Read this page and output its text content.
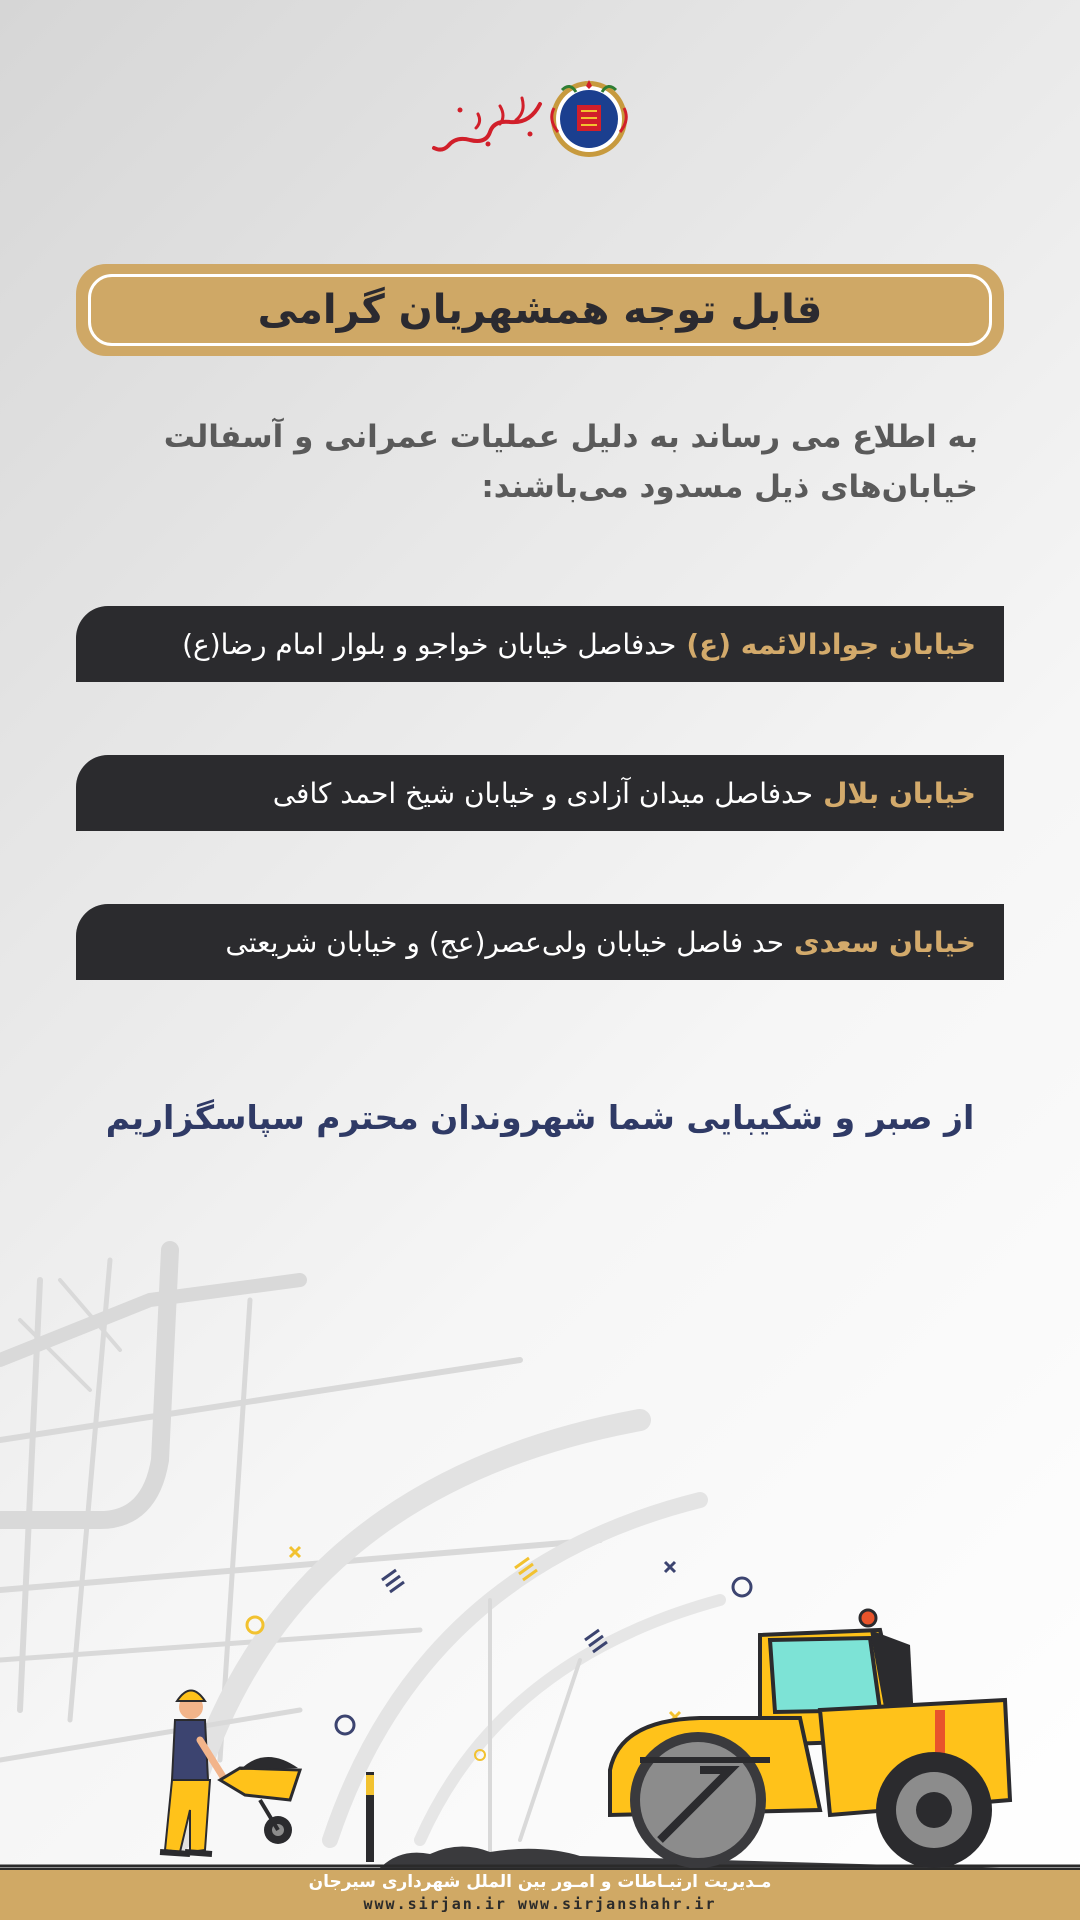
قابل توجه همشهریان گرامی
به اطلاع می رساند به دلیل عملیات عمرانی و آسفالت خیابان‌های ذیل مسدود می‌باشند:
خیابان جوادالائمه (ع)
حدفاصل خیابان خواجو و بلوار امام رضا(ع)
خیابان بلال
حدفاصل میدان آزادی و خیابان شیخ احمد کافی
خیابان سعدی
حد فاصل خیابان ولی‌عصر(عج) و خیابان شریعتی
از صبر و شکیبایی شما شهروندان محترم سپاسگزاریم
مـدیریت ارتبـاطات و امـور بین الملل شهرداری سیرجان
www.sirjan.ir www.sirjanshahr.ir
